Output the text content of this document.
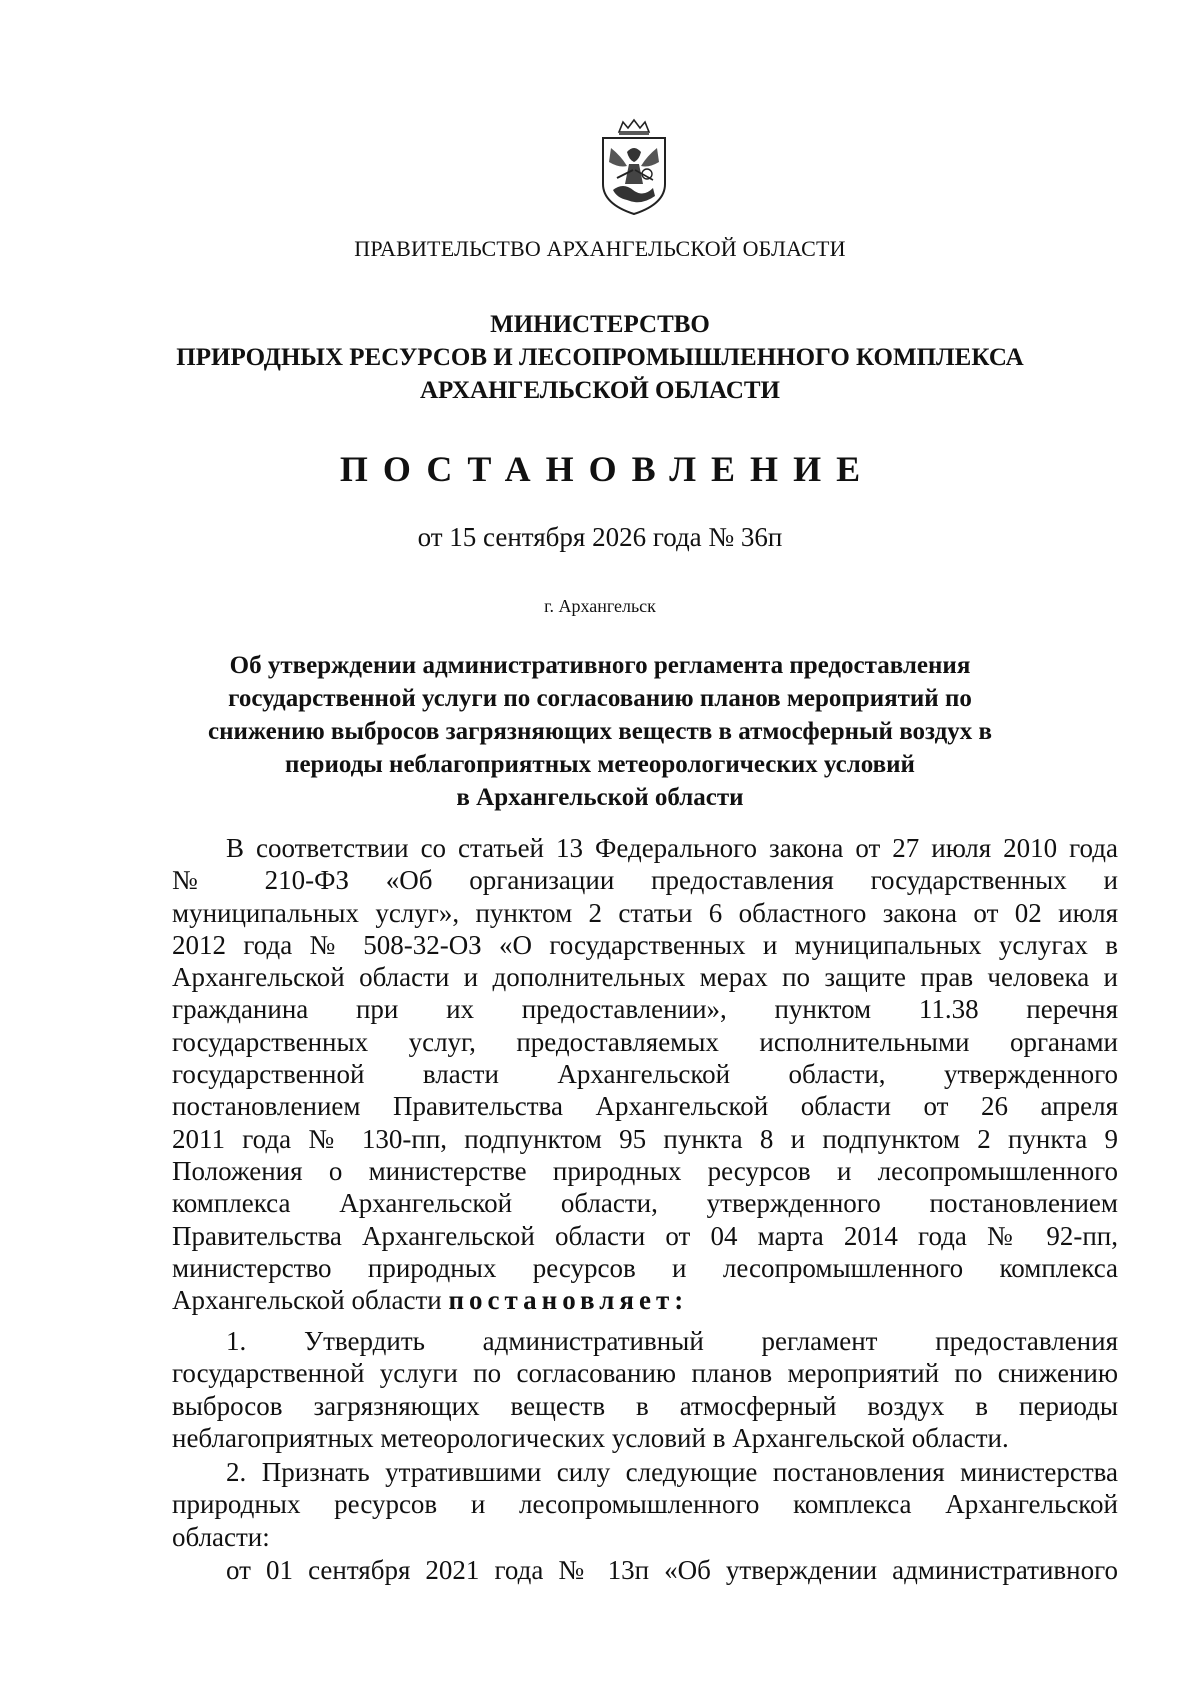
ПРАВИТЕЛЬСТВО АРХАНГЕЛЬСКОЙ ОБЛАСТИ
МИНИСТЕРСТВО
ПРИРОДНЫХ РЕСУРСОВ И ЛЕСОПРОМЫШЛЕННОГО КОМПЛЕКСА
АРХАНГЕЛЬСКОЙ ОБЛАСТИ
ПОСТАНОВЛЕНИЕ
от 15 сентября 2026 года № 36п
г. Архангельск
Об утверждении административного регламента предоставления
государственной услуги по согласованию планов мероприятий по
снижению выбросов загрязняющих веществ в атмосферный воздух в
периоды неблагоприятных метеорологических условий
в Архангельской области
В соответствии со статьей 13 Федерального закона от 27 июля 2010 года
№ 210-ФЗ «Об организации предоставления государственных и
муниципальных услуг», пунктом 2 статьи 6 областного закона от 02 июля
2012 года № 508-32-ОЗ «О государственных и муниципальных услугах в
Архангельской области и дополнительных мерах по защите прав человека и
гражданина при их предоставлении», пунктом 11.38 перечня
государственных услуг, предоставляемых исполнительными органами
государственной власти Архангельской области, утвержденного
постановлением Правительства Архангельской области от 26 апреля
2011 года № 130-пп, подпунктом 95 пункта 8 и подпунктом 2 пункта 9
Положения о министерстве природных ресурсов и лесопромышленного
комплекса Архангельской области, утвержденного постановлением
Правительства Архангельской области от 04 марта 2014 года № 92-пп,
министерство природных ресурсов и лесопромышленного комплекса
Архангельской области постановляет:
1. Утвердить административный регламент предоставления
государственной услуги по согласованию планов мероприятий по снижению
выбросов загрязняющих веществ в атмосферный воздух в периоды
неблагоприятных метеорологических условий в Архангельской области.
2. Признать утратившими силу следующие постановления министерства
природных ресурсов и лесопромышленного комплекса Архангельской
области:
от 01 сентября 2021 года № 13п «Об утверждении административного
